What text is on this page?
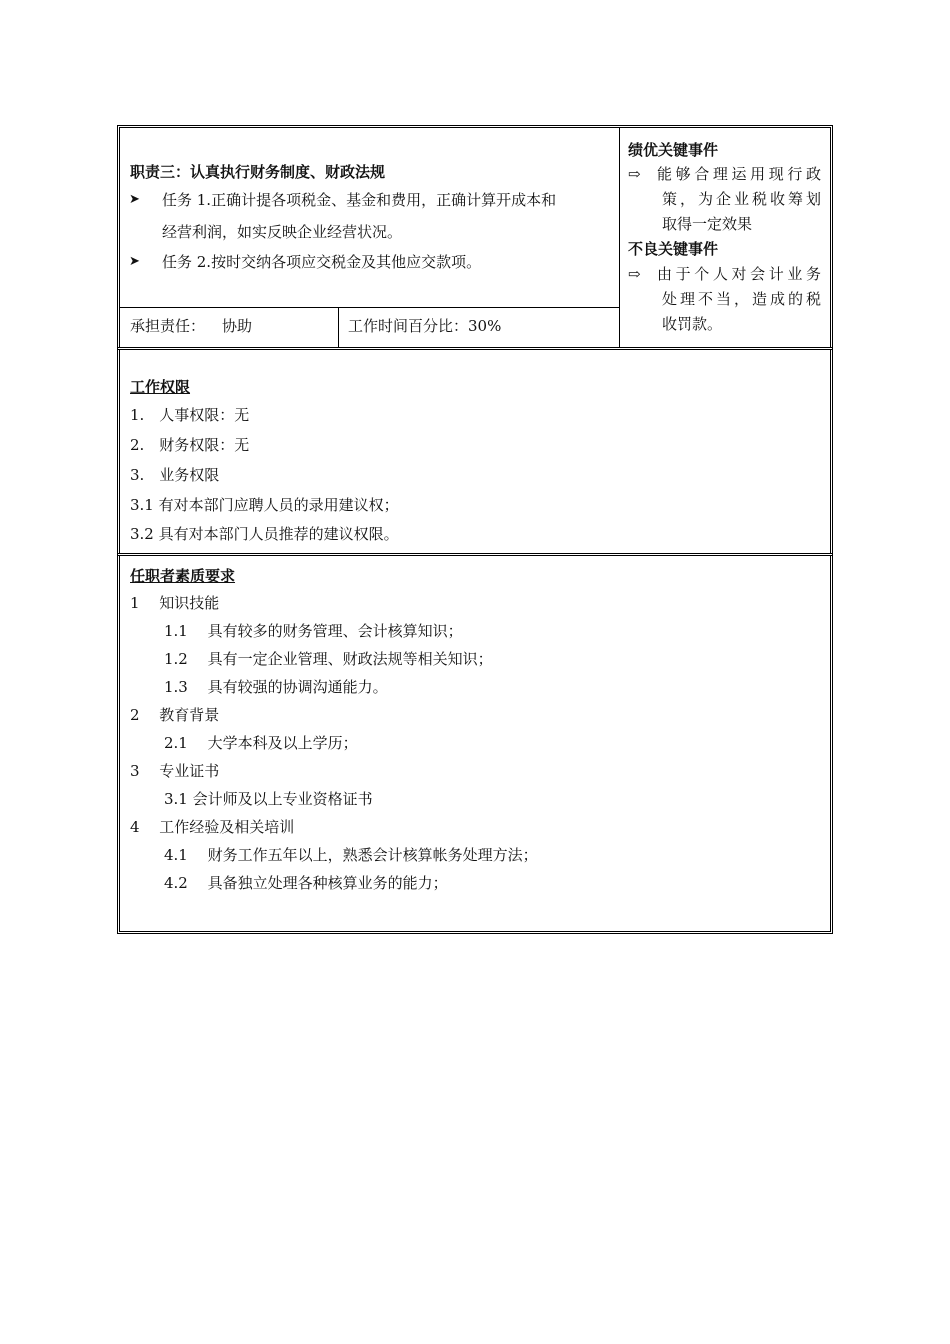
职责三：认真执行财务制度、财政法规
➤ 任务 1.正确计提各项税金、基金和费用，正确计算开成本和
经营利润，如实反映企业经营状况。
➤ 任务 2.按时交纳各项应交税金及其他应交款项。
承担责任： 协助	工作时间百分比：30%
绩优关键事件
⇨ 能够合理运用现行政
策，为企业税收筹划
取得一定效果
不良关键事件
⇨ 由于个人对会计业务
处理不当，造成的税
收罚款。
工作权限
1.　人事权限：无
2.　财务权限：无
3.　业务权限
3.1 有对本部门应聘人员的录用建议权；
3.2 具有对本部门人员推荐的建议权限。
任职者素质要求
1　 知识技能
1.1　 具有较多的财务管理、会计核算知识；
1.2　 具有一定企业管理、财政法规等相关知识；
1.3　 具有较强的协调沟通能力。
2　 教育背景
2.1　 大学本科及以上学历；
3　 专业证书
3.1 会计师及以上专业资格证书
4　 工作经验及相关培训
4.1　 财务工作五年以上，熟悉会计核算帐务处理方法；
4.2　 具备独立处理各种核算业务的能力；
